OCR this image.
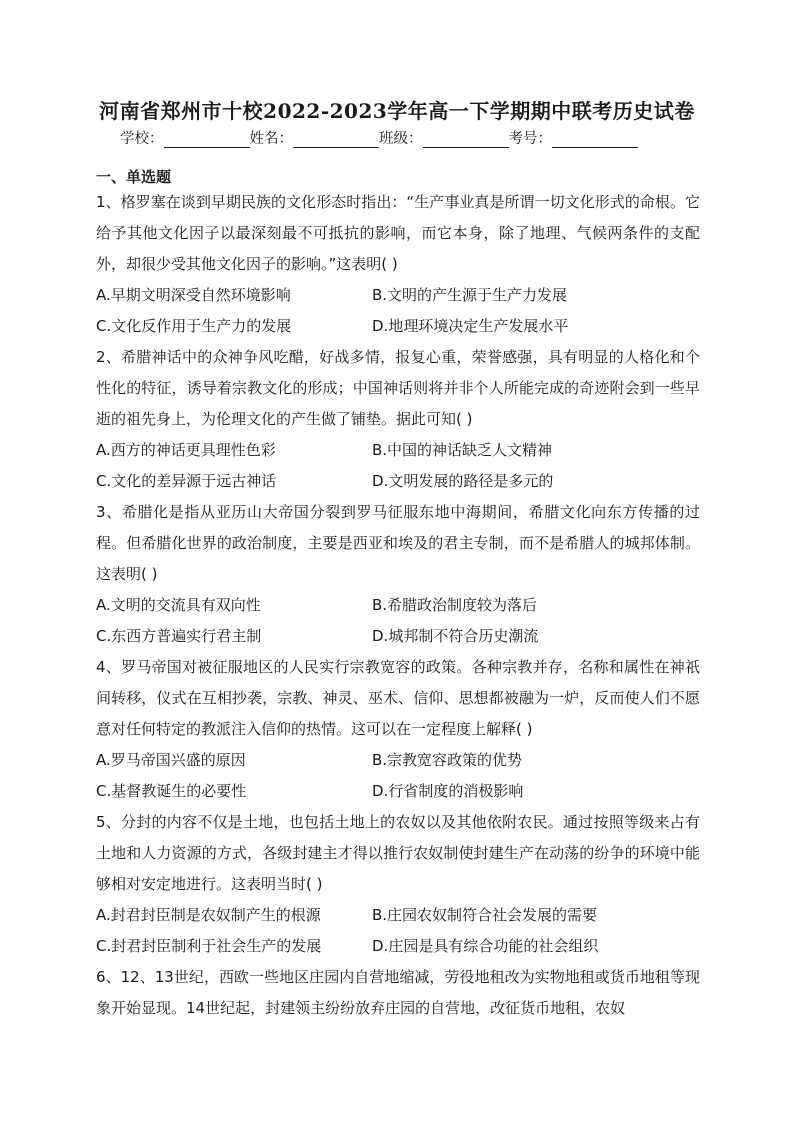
河南省郑州市十校2022-2023学年高一下学期期中联考历史试卷
学校：	姓名：	班级：	考号：
一、单选题

1、格罗塞在谈到早期民族的文化形态时指出：“生产事业真是所谓一切文化形式的命根。它给予其他文化因子以最深刻最不可抵抗的影响，而它本身，除了地理、气候两条件的支配外，却很少受其他文化因子的影响。”这表明( )

A.早期文明深受自然环境影响	B.文明的产生源于生产力发展
C.文化反作用于生产力的发展	D.地理环境决定生产发展水平

2、希腊神话中的众神争风吃醋，好战多情，报复心重，荣誉感强，具有明显的人格化和个性化的特征，诱导着宗教文化的形成；中国神话则将并非个人所能完成的奇迹附会到一些早逝的祖先身上，为伦理文化的产生做了铺垫。据此可知( )

A.西方的神话更具理性色彩	B.中国的神话缺乏人文精神
C.文化的差异源于远古神话	D.文明发展的路径是多元的

3、希腊化是指从亚历山大帝国分裂到罗马征服东地中海期间，希腊文化向东方传播的过程。但希腊化世界的政治制度，主要是西亚和埃及的君主专制，而不是希腊人的城邦体制。这表明( )

A.文明的交流具有双向性	B.希腊政治制度较为落后
C.东西方普遍实行君主制	D.城邦制不符合历史潮流

4、罗马帝国对被征服地区的人民实行宗教宽容的政策。各种宗教并存，名称和属性在神祇间转移，仪式在互相抄袭，宗教、神灵、巫术、信仰、思想都被融为一炉，反而使人们不愿意对任何特定的教派注入信仰的热情。这可以在一定程度上解释( )

A.罗马帝国兴盛的原因	B.宗教宽容政策的优势
C.基督教诞生的必要性	D.行省制度的消极影响

5、分封的内容不仅是土地，也包括土地上的农奴以及其他依附农民。通过按照等级来占有土地和人力资源的方式，各级封建主才得以推行农奴制使封建生产在动荡的纷争的环境中能够相对安定地进行。这表明当时( )

A.封君封臣制是农奴制产生的根源	B.庄园农奴制符合社会发展的需要
C.封君封臣制利于社会生产的发展	D.庄园是具有综合功能的社会组织

6、12、13世纪，西欧一些地区庄园内自营地缩减，劳役地租改为实物地租或货币地租等现象开始显现。14世纪起，封建领主纷纷放弃庄园的自营地，改征货币地租，农奴
